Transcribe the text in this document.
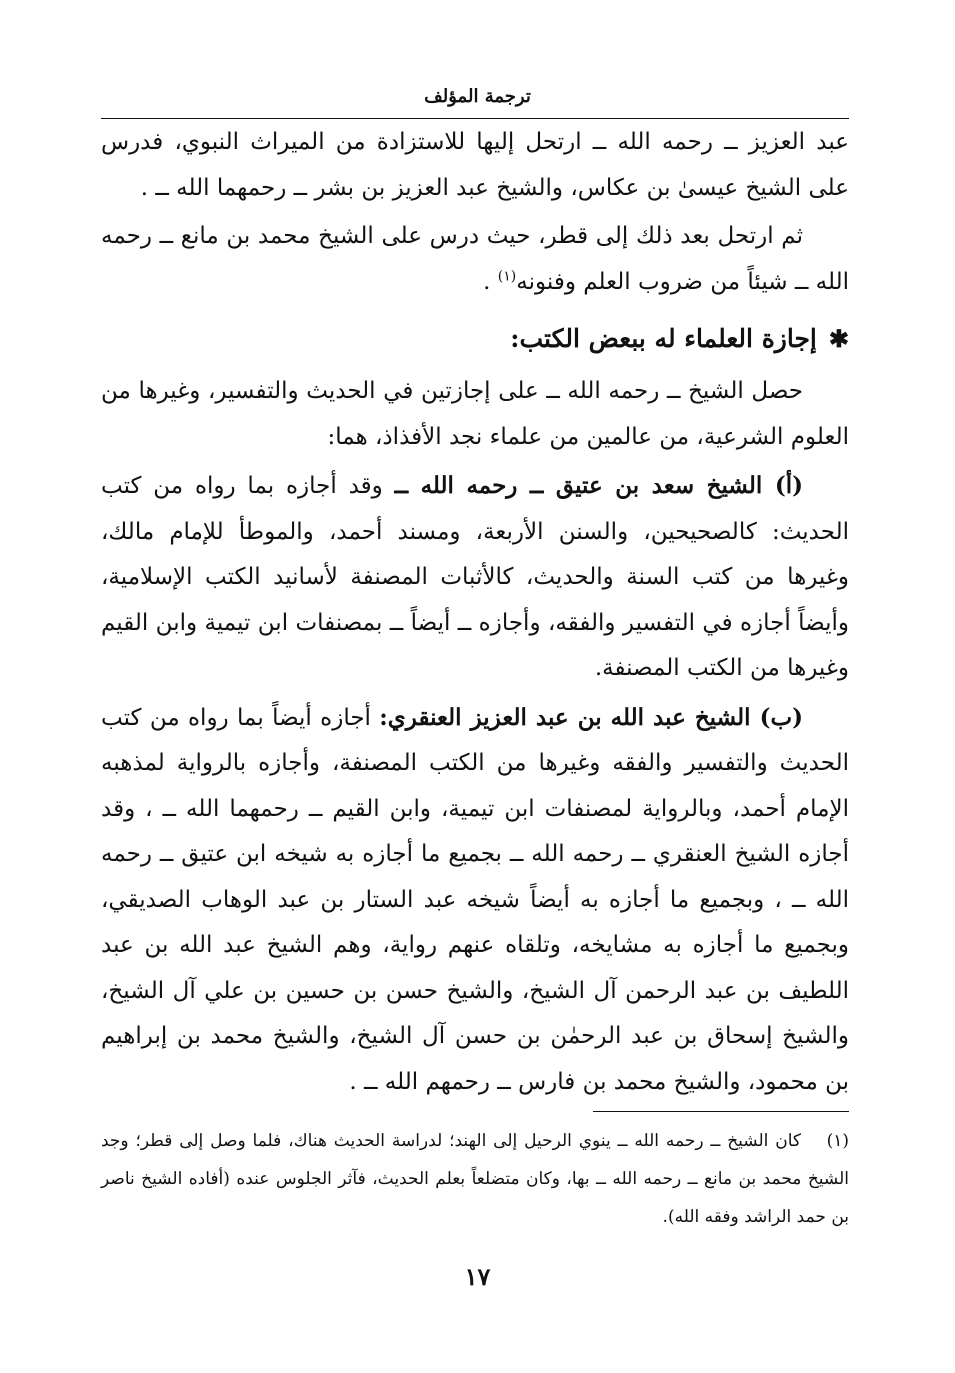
ترجمة المؤلف

عبد العزيز ــ رحمه الله ــ ارتحل إليها للاستزادة من الميراث النبوي، فدرس على الشيخ عيسىٰ بن عكاس، والشيخ عبد العزيز بن بشر ــ رحمهما الله ــ .

ثم ارتحل بعد ذلك إلى قطر، حيث درس على الشيخ محمد بن مانع ــ رحمه الله ــ شيئاً من ضروب العلم وفنونه$^{(١)}$ .

✱إجازة العلماء له ببعض الكتب:

حصل الشيخ ــ رحمه الله ــ على إجازتين في الحديث والتفسير، وغيرها من العلوم الشرعية، من عالمين من علماء نجد الأفذاذ، هما:

(أ) الشيخ سعد بن عتيق ــ رحمه الله ــ وقد أجازه بما رواه من كتب الحديث: كالصحيحين، والسنن الأربعة، ومسند أحمد، والموطأ للإمام مالك، وغيرها من كتب السنة والحديث، كالأثبات المصنفة لأسانيد الكتب الإسلامية، وأيضاً أجازه في التفسير والفقه، وأجازه ــ أيضاً ــ بمصنفات ابن تيمية وابن القيم وغيرها من الكتب المصنفة.

(ب) الشيخ عبد الله بن عبد العزيز العنقري: أجازه أيضاً بما رواه من كتب الحديث والتفسير والفقه وغيرها من الكتب المصنفة، وأجازه بالرواية لمذهبه الإمام أحمد، وبالرواية لمصنفات ابن تيمية، وابن القيم ــ رحمهما الله ــ ، وقد أجازه الشيخ العنقري ــ رحمه الله ــ بجميع ما أجازه به شيخه ابن عتيق ــ رحمه الله ــ ، وبجميع ما أجازه به أيضاً شيخه عبد الستار بن عبد الوهاب الصديقي، وبجميع ما أجازه به مشايخه، وتلقاه عنهم رواية، وهم الشيخ عبد الله بن عبد اللطيف بن عبد الرحمن آل الشيخ، والشيخ حسن بن حسين بن علي آل الشيخ، والشيخ إسحاق بن عبد الرحمٰن بن حسن آل الشيخ، والشيخ محمد بن إبراهيم بن محمود، والشيخ محمد بن فارس ــ رحمهم الله ــ .

(١)كان الشيخ ــ رحمه الله ــ ينوي الرحيل إلى الهند؛ لدراسة الحديث هناك، فلما وصل إلى قطر؛ وجد الشيخ محمد بن مانع ــ رحمه الله ــ بها، وكان متضلعاً بعلم الحديث، فآثر الجلوس عنده (أفاده الشيخ ناصر بن حمد الراشد وفقه الله).
١٧
